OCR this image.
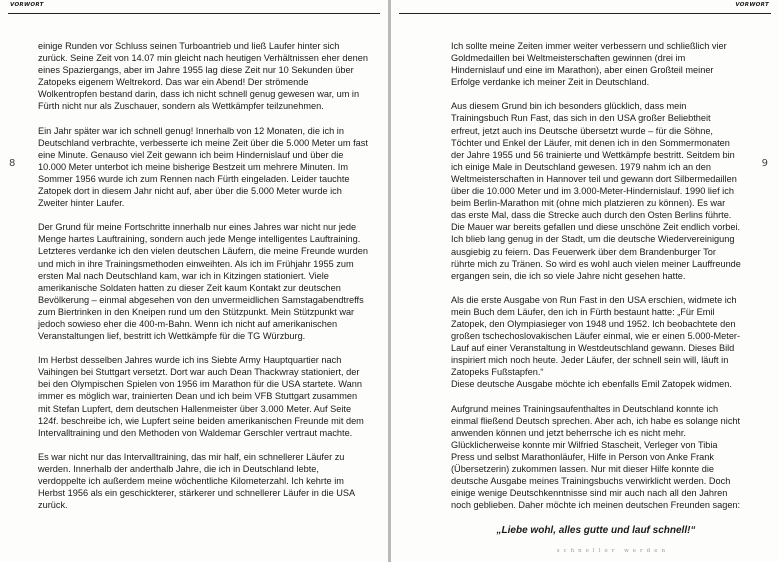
VORWORT
8

einige Runden vor Schluss seinen Turboantrieb und ließ Laufer hinter sich zurück. Seine Zeit von 14.07 min gleicht nach heutigen Verhältnissen eher denen eines Spaziergangs, aber im Jahre 1955 lag diese Zeit nur 10 Sekunden über Zatopeks eigenem Weltrekord. Das war ein Abend! Der strömende Wolkentropfen bestand darin, dass ich nicht schnell genug gewesen war, um in Fürth nicht nur als Zuschauer, sondern als Wettkämpfer teilzunehmen.

Ein Jahr später war ich schnell genug! Innerhalb von 12 Monaten, die ich in Deutschland verbrachte, verbesserte ich meine Zeit über die 5.000 Meter um fast eine Minute. Genauso viel Zeit gewann ich beim Hindernislauf und über die 10.000 Meter unterbot ich meine bisherige Bestzeit um mehrere Minuten. Im Sommer 1956 wurde ich zum Rennen nach Fürth eingeladen. Leider tauchte Zatopek dort in diesem Jahr nicht auf, aber über die 5.000 Meter wurde ich Zweiter hinter Laufer.

Der Grund für meine Fortschritte innerhalb nur eines Jahres war nicht nur jede Menge hartes Lauftraining, sondern auch jede Menge intelligentes Lauftraining. Letzteres verdanke ich den vielen deutschen Läufern, die meine Freunde wurden und mich in ihre Trainingsmethoden einweihten. Als ich im Frühjahr 1955 zum ersten Mal nach Deutschland kam, war ich in Kitzingen stationiert. Viele amerikanische Soldaten hatten zu dieser Zeit kaum Kontakt zur deutschen Bevölkerung – einmal abgesehen von den unvermeidlichen Samstagabendtreffs zum Biertrinken in den Kneipen rund um den Stützpunkt. Mein Stützpunkt war jedoch sowieso eher die 400-m-Bahn. Wenn ich nicht auf amerikanischen Veranstaltungen lief, bestritt ich Wettkämpfe für die TG Würzburg.

Im Herbst desselben Jahres wurde ich ins Siebte Army Hauptquartier nach Vaihingen bei Stuttgart versetzt. Dort war auch Dean Thackwray stationiert, der bei den Olympischen Spielen von 1956 im Marathon für die USA startete. Wann immer es möglich war, trainierten Dean und ich beim VFB Stuttgart zusammen mit Stefan Lupfert, dem deutschen Hallenmeister über 3.000 Meter. Auf Seite 124f. beschreibe ich, wie Lupfert seine beiden amerikanischen Freunde mit dem Intervalltraining und den Methoden von Waldemar Gerschler vertraut machte.

Es war nicht nur das Intervalltraining, das mir half, ein schnellerer Läufer zu werden. Innerhalb der anderthalb Jahre, die ich in Deutschland lebte, verdoppelte ich außerdem meine wöchentliche Kilometerzahl. Ich kehrte im Herbst 1956 als ein geschickterer, stärkerer und schnellerer Läufer in die USA zurück.

VORWORT
9

Ich sollte meine Zeiten immer weiter verbessern und schließlich vier Goldmedaillen bei Weltmeisterschaften gewinnen (drei im Hindernislauf und eine im Marathon), aber einen Großteil meiner Erfolge verdanke ich meiner Zeit in Deutschland.

Aus diesem Grund bin ich besonders glücklich, dass mein Trainingsbuch Run Fast, das sich in den USA großer Beliebtheit erfreut, jetzt auch ins Deutsche übersetzt wurde – für die Söhne, Töchter und Enkel der Läufer, mit denen ich in den Sommermonaten der Jahre 1955 und 56 trainierte und Wettkämpfe bestritt. Seitdem bin ich einige Male in Deutschland gewesen. 1979 nahm ich an den Weltmeisterschaften in Hannover teil und gewann dort Silbermedaillen über die 10.000 Meter und im 3.000-Meter-Hindernislauf. 1990 lief ich beim Berlin-Marathon mit (ohne mich platzieren zu können). Es war das erste Mal, dass die Strecke auch durch den Osten Berlins führte. Die Mauer war bereits gefallen und diese unschöne Zeit endlich vorbei. Ich blieb lang genug in der Stadt, um die deutsche Wiedervereinigung ausgiebig zu feiern. Das Feuerwerk über dem Brandenburger Tor rührte mich zu Tränen. So wird es wohl auch vielen meiner Lauffreunde ergangen sein, die ich so viele Jahre nicht gesehen hatte.

Als die erste Ausgabe von Run Fast in den USA erschien, widmete ich mein Buch dem Läufer, den ich in Fürth bestaunt hatte: „Für Emil Zatopek, den Olympiasieger von 1948 und 1952. Ich beobachtete den großen tschechoslovakischen Läufer einmal, wie er einen 5.000-Meter-Lauf auf einer Veranstaltung in Westdeutschland gewann. Dieses Bild inspiriert mich noch heute. Jeder Läufer, der schnell sein will, läuft in Zatopeks Fußstapfen.“

Diese deutsche Ausgabe möchte ich ebenfalls Emil Zatopek widmen.

Aufgrund meines Trainingsaufenthaltes in Deutschland konnte ich einmal fließend Deutsch sprechen. Aber ach, ich habe es solange nicht anwenden können und jetzt beherrsche ich es nicht mehr. Glücklicherweise konnte mir Wilfried Stascheit, Verleger von Tibia Press und selbst Marathonläufer, Hilfe in Person von Anke Frank (Übersetzerin) zukommen lassen. Nur mit dieser Hilfe konnte die deutsche Ausgabe meines Trainingsbuchs verwirklicht werden. Doch einige wenige Deutschkenntnisse sind mir auch nach all den Jahren noch geblieben. Daher möchte ich meinen deutschen Freunden sagen:

„Liebe wohl, alles gutte und lauf schnell!“
schneller werden
